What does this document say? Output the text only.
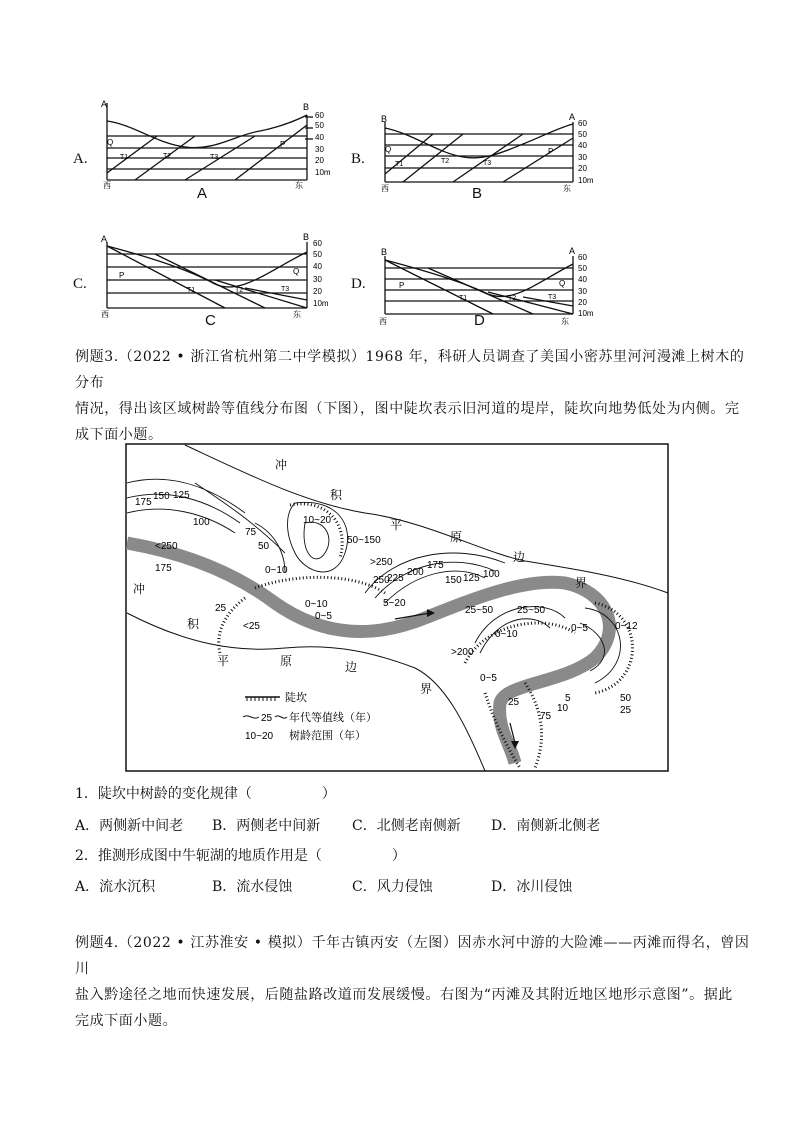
A.
A	B
60
50
40
30
20
10m
Q	P
T1	T2	T3
西	东
A
B.
B	A
60
50
40
30
20
10m
Q	P
T1	T2	T3
西	东
B
C.
A	B
60
50
40
30
20
10m
P	Q
T1	T2	T3
西	东
C
D.
B	A
60
50
40
30
20
10m
P	Q
T1	T2	T3
西	东
D
例题3.（2022 • 浙江省杭州第二中学模拟）1968 年，科研人员调查了美国小密苏里河河漫滩上树木的分布
情况，得出该区域树龄等值线分布图（下图），图中陡坎表示旧河道的堤岸，陡坎向地势低处为内侧。完
成下面小题。
冲
积
平
原
边
界
冲
积
平	原	边
界
175
150 125
100
75
50
10~20
50~150
>250
250
225
200
175
150 125 100
<250
175	0~10
25
<25
0~5
5~20
0~10
25~50 25~50
0~5	0~12
>200
0~10
0~5
50
25
75
25
10
5
陡坎
25 年代等值线（年）
10~20 树龄范围（年）
1．陡坎中树龄的变化规律（　　　　　）
A．两侧新中间老 B．两侧老中间新 C．北侧老南侧新 D．南侧新北侧老
2．推测形成图中牛轭湖的地质作用是（　　　　　）
A．流水沉积	B．流水侵蚀	C．风力侵蚀	D．冰川侵蚀
例题4.（2022 • 江苏淮安 • 模拟）千年古镇丙安（左图）因赤水河中游的大险滩——丙滩而得名，曾因川
盐入黔途径之地而快速发展，后随盐路改道而发展缓慢。右图为“丙滩及其附近地区地形示意图”。据此
完成下面小题。
